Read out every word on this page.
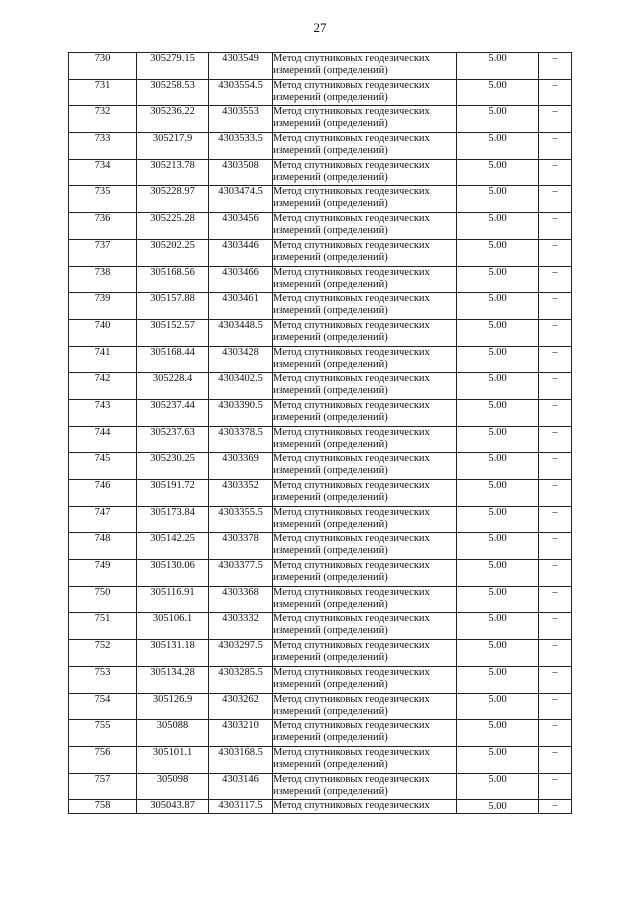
27
730	305279.15	4303549	Метод спутниковых геодезических измерений (определений)	5.00	–
731	305258.53	4303554.5	Метод спутниковых геодезических измерений (определений)	5.00	–
732	305236.22	4303553	Метод спутниковых геодезических измерений (определений)	5.00	–
733	305217.9	4303533.5	Метод спутниковых геодезических измерений (определений)	5.00	–
734	305213.78	4303508	Метод спутниковых геодезических измерений (определений)	5.00	–
735	305228.97	4303474.5	Метод спутниковых геодезических измерений (определений)	5.00	–
736	305225.28	4303456	Метод спутниковых геодезических измерений (определений)	5.00	–
737	305202.25	4303446	Метод спутниковых геодезических измерений (определений)	5.00	–
738	305168.56	4303466	Метод спутниковых геодезических измерений (определений)	5.00	–
739	305157.88	4303461	Метод спутниковых геодезических измерений (определений)	5.00	–
740	305152.57	4303448.5	Метод спутниковых геодезических измерений (определений)	5.00	–
741	305168.44	4303428	Метод спутниковых геодезических измерений (определений)	5.00	–
742	305228.4	4303402.5	Метод спутниковых геодезических измерений (определений)	5.00	–
743	305237.44	4303390.5	Метод спутниковых геодезических измерений (определений)	5.00	–
744	305237.63	4303378.5	Метод спутниковых геодезических измерений (определений)	5.00	–
745	305230.25	4303369	Метод спутниковых геодезических измерений (определений)	5.00	–
746	305191.72	4303352	Метод спутниковых геодезических измерений (определений)	5.00	–
747	305173.84	4303355.5	Метод спутниковых геодезических измерений (определений)	5.00	–
748	305142.25	4303378	Метод спутниковых геодезических измерений (определений)	5.00	–
749	305130.06	4303377.5	Метод спутниковых геодезических измерений (определений)	5.00	–
750	305116.91	4303368	Метод спутниковых геодезических измерений (определений)	5.00	–
751	305106.1	4303332	Метод спутниковых геодезических измерений (определений)	5.00	–
752	305131.18	4303297.5	Метод спутниковых геодезических измерений (определений)	5.00	–
753	305134.28	4303285.5	Метод спутниковых геодезических измерений (определений)	5.00	–
754	305126.9	4303262	Метод спутниковых геодезических измерений (определений)	5.00	–
755	305088	4303210	Метод спутниковых геодезических измерений (определений)	5.00	–
756	305101.1	4303168.5	Метод спутниковых геодезических измерений (определений)	5.00	–
757	305098	4303146	Метод спутниковых геодезических измерений (определений)	5.00	–
758	305043.87	4303117.5	Метод спутниковых геодезических	5.00	–
